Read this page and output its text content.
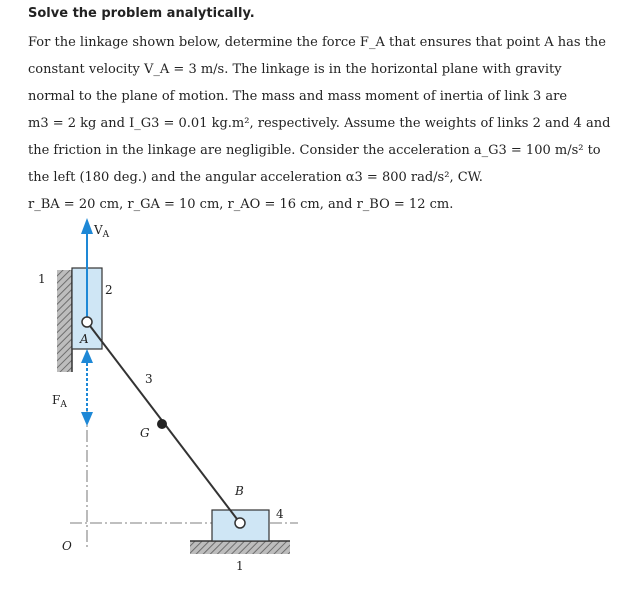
Solve the problem analytically.

For the linkage shown below, determine the force F_A that ensures that point A has the

constant velocity V_A = 3 m/s. The linkage is in the horizontal plane with gravity

normal to the plane of motion. The mass and mass moment of inertia of link 3 are

m3 = 2 kg and I_G3 = 0.01 kg.m², respectively. Assume the weights of links 2 and 4 and

the friction in the linkage are negligible. Consider the acceleration a_G3 = 100 m/s² to

the left (180 deg.) and the angular acceleration α3 = 800 rad/s², CW.

r_BA = 20 cm, r_GA = 10 cm, r_AO = 16 cm, and r_BO = 12 cm.

$V_A$
1
2
A
3
$F_A$
G
B
4
O
1
